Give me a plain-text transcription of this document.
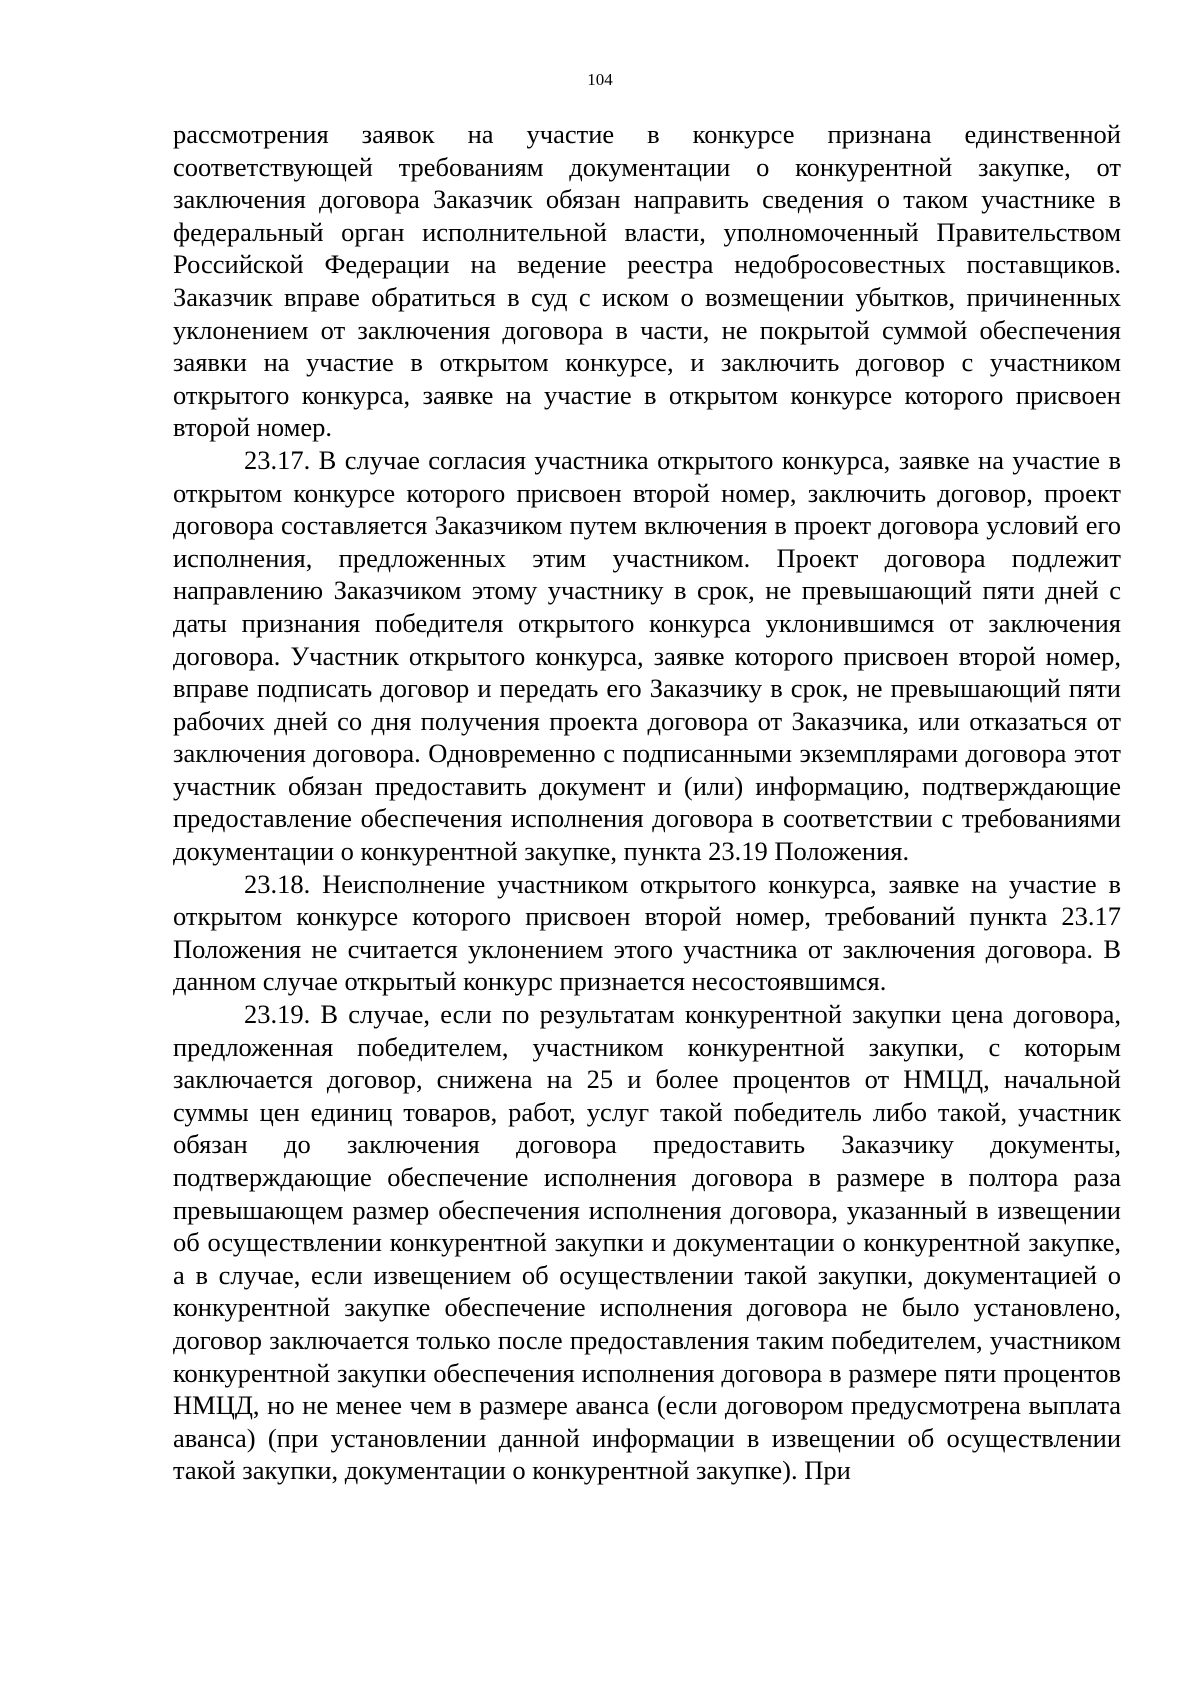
104

рассмотрения заявок на участие в конкурсе признана единственной соответствующей требованиям документации о конкурентной закупке, от заключения договора Заказчик обязан направить сведения о таком участнике в федеральный орган исполнительной власти, уполномоченный Правительством Российской Федерации на ведение реестра недобросовестных поставщиков. Заказчик вправе обратиться в суд с иском о возмещении убытков, причиненных уклонением от заключения договора в части, не покрытой суммой обеспечения заявки на участие в открытом конкурсе, и заключить договор с участником открытого конкурса, заявке на участие в открытом конкурсе которого присвоен второй номер.

23.17. В случае согласия участника открытого конкурса, заявке на участие в открытом конкурсе которого присвоен второй номер, заключить договор, проект договора составляется Заказчиком путем включения в проект договора условий его исполнения, предложенных этим участником. Проект договора подлежит направлению Заказчиком этому участнику в срок, не превышающий пяти дней с даты признания победителя открытого конкурса уклонившимся от заключения договора. Участник открытого конкурса, заявке которого присвоен второй номер, вправе подписать договор и передать его Заказчику в срок, не превышающий пяти рабочих дней со дня получения проекта договора от Заказчика, или отказаться от заключения договора. Одновременно с подписанными экземплярами договора этот участник обязан предоставить документ и (или) информацию, подтверждающие предоставление обеспечения исполнения договора в соответствии с требованиями документации о конкурентной закупке, пункта 23.19 Положения.

23.18. Неисполнение участником открытого конкурса, заявке на участие в открытом конкурсе которого присвоен второй номер, требований пункта 23.17 Положения не считается уклонением этого участника от заключения договора. В данном случае открытый конкурс признается несостоявшимся.

23.19. В случае, если по результатам конкурентной закупки цена договора, предложенная победителем, участником конкурентной закупки, с которым заключается договор, снижена на 25 и более процентов от НМЦД, начальной суммы цен единиц товаров, работ, услуг такой победитель либо такой, участник обязан до заключения договора предоставить Заказчику документы, подтверждающие обеспечение исполнения договора в размере в полтора раза превышающем размер обеспечения исполнения договора, указанный в извещении об осуществлении конкурентной закупки и документации о конкурентной закупке, а в случае, если извещением об осуществлении такой закупки, документацией о конкурентной закупке обеспечение исполнения договора не было установлено, договор заключается только после предоставления таким победителем, участником конкурентной закупки обеспечения исполнения договора в размере пяти процентов НМЦД, но не менее чем в размере аванса (если договором предусмотрена выплата аванса) (при установлении данной информации в извещении об осуществлении такой закупки, документации о конкурентной закупке). При
